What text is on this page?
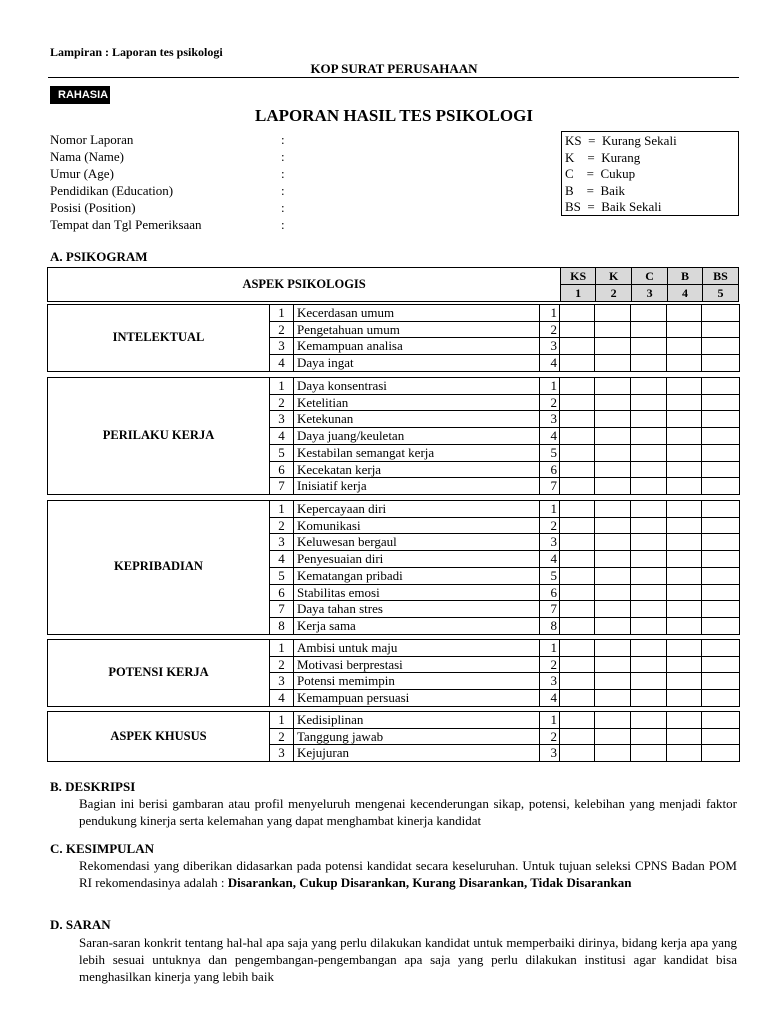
Lampiran : Laporan tes psikologi
KOP SURAT PERUSAHAAN
RAHASIA
LAPORAN HASIL TES PSIKOLOGI
Nomor Laporan	:
Nama (Name)	:
Umur (Age)	:
Pendidikan (Education)	:
Posisi (Position)	:
Tempat dan Tgl Pemeriksaan	:
KS  =  Kurang Sekali
K    =  Kurang
C    =  Cukup
B    =  Baik
BS  =  Baik Sekali
A. PSIKOGRAM
ASPEK PSIKOLOGIS	KS	K	C	B	BS
	1	2	3	4	5
INTELEKTUAL	1	Kecerdasan umum	1					
	2	Pengetahuan umum	2					
	3	Kemampuan analisa	3					
	4	Daya ingat	4					
PERILAKU KERJA	1	Daya konsentrasi	1					
	2	Ketelitian	2					
	3	Ketekunan	3					
	4	Daya juang/keuletan	4					
	5	Kestabilan semangat kerja	5					
	6	Kecekatan kerja	6					
	7	Inisiatif kerja	7					
KEPRIBADIAN	1	Kepercayaan diri	1					
	2	Komunikasi	2					
	3	Keluwesan bergaul	3					
	4	Penyesuaian diri	4					
	5	Kematangan pribadi	5					
	6	Stabilitas emosi	6					
	7	Daya tahan stres	7					
	8	Kerja sama	8					
POTENSI KERJA	1	Ambisi untuk maju	1					
	2	Motivasi berprestasi	2					
	3	Potensi memimpin	3					
	4	Kemampuan persuasi	4					
ASPEK KHUSUS	1	Kedisiplinan	1					
	2	Tanggung jawab	2					
	3	Kejujuran	3					
B. DESKRIPSI
Bagian ini berisi gambaran atau profil menyeluruh mengenai kecenderungan sikap, potensi, kelebihan yang menjadi faktor pendukung kinerja serta kelemahan yang dapat menghambat kinerja kandidat
C. KESIMPULAN
Rekomendasi yang diberikan didasarkan pada potensi kandidat secara keseluruhan. Untuk tujuan seleksi CPNS Badan POM RI rekomendasinya adalah : Disarankan, Cukup Disarankan, Kurang Disarankan, Tidak Disarankan
D. SARAN
Saran-saran konkrit tentang hal-hal apa saja yang perlu dilakukan kandidat untuk memperbaiki dirinya, bidang kerja apa yang lebih sesuai untuknya dan pengembangan-pengembangan apa saja yang perlu dilakukan institusi agar kandidat bisa menghasilkan kinerja yang lebih baik
